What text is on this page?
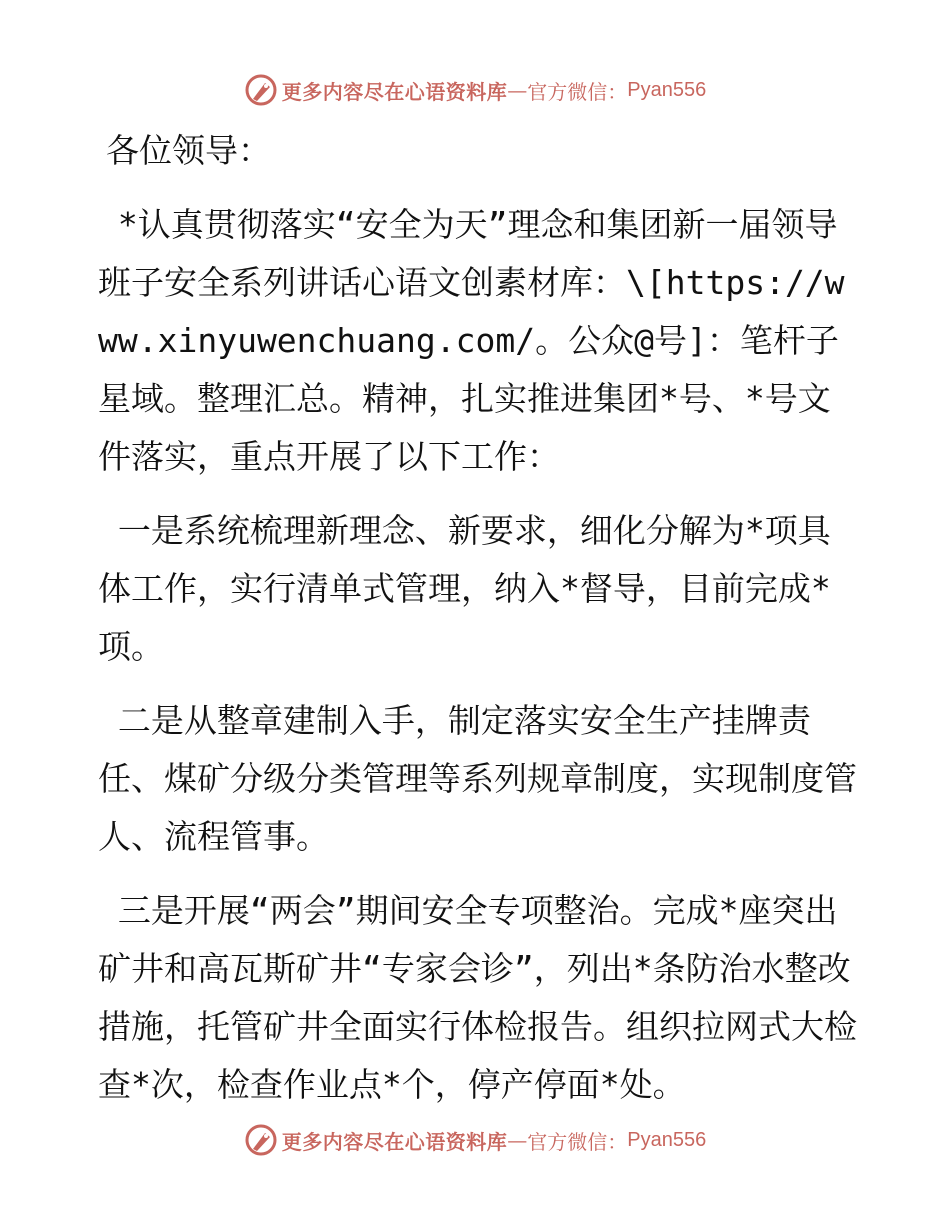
更多内容尽在心语资料库 — 官方微信： Pyan556

各位领导：

*认真贯彻落实“安全为天”理念和集团新一届领导班子安全系列讲话心语文创素材库：\[https://www.xinyuwenchuang.com/。公众@号]：笔杆子星域。整理汇总。精神，扎实推进集团*号、*号文件落实，重点开展了以下工作：

一是系统梳理新理念、新要求，细化分解为*项具体工作，实行清单式管理，纳入*督导，目前完成*项。

二是从整章建制入手，制定落实安全生产挂牌责任、煤矿分级分类管理等系列规章制度，实现制度管人、流程管事。

三是开展“两会”期间安全专项整治。完成*座突出矿井和高瓦斯矿井“专家会诊”，列出*条防治水整改措施，托管矿井全面实行体检报告。组织拉网式大检查*次，检查作业点*个，停产停面*处。

更多内容尽在心语资料库 — 官方微信： Pyan556
